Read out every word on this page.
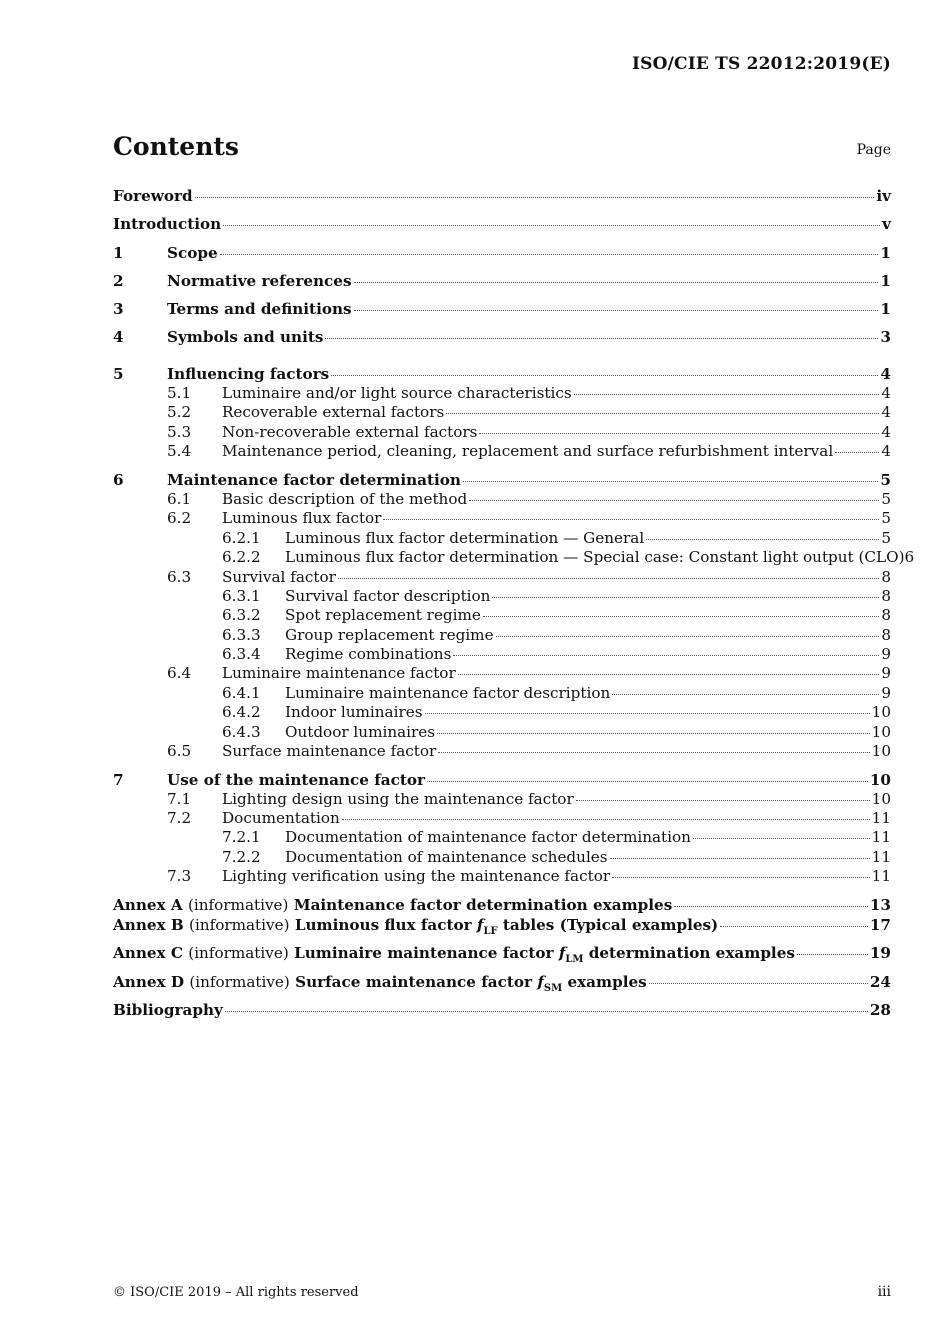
ISO/CIE TS 22012:2019(E)
Contents	Page
Foreword	iv
Introduction	v
1	Scope	1
2	Normative references	1
3	Terms and definitions	1
4	Symbols and units	3
5	Influencing factors	4
5.1	Luminaire and/or light source characteristics	4
5.2	Recoverable external factors	4
5.3	Non-recoverable external factors	4
5.4	Maintenance period, cleaning, replacement and surface refurbishment interval	4
6	Maintenance factor determination	5
6.1	Basic description of the method	5
6.2	Luminous flux factor	5
6.2.1	Luminous flux factor determination — General	5
6.2.2	Luminous flux factor determination — Special case: Constant light output (CLO) 6
6.3	Survival factor	8
6.3.1	Survival factor description	8
6.3.2	Spot replacement regime	8
6.3.3	Group replacement regime	8
6.3.4	Regime combinations	9
6.4	Luminaire maintenance factor	9
6.4.1	Luminaire maintenance factor description	9
6.4.2	Indoor luminaires	10
6.4.3	Outdoor luminaires	10
6.5	Surface maintenance factor	10
7	Use of the maintenance factor	10
7.1	Lighting design using the maintenance factor	10
7.2	Documentation	11
7.2.1	Documentation of maintenance factor determination	11
7.2.2	Documentation of maintenance schedules	11
7.3	Lighting verification using the maintenance factor	11
Annex A (informative) Maintenance factor determination examples	13
Annex B (informative) Luminous flux factor $f_{LF}$ tables (Typical examples)	17
Annex C (informative) Luminaire maintenance factor $f_{LM}$ determination examples	19
Annex D (informative) Surface maintenance factor $f_{SM}$ examples	24
Bibliography	28
© ISO/CIE 2019 – All rights reserved	iii
